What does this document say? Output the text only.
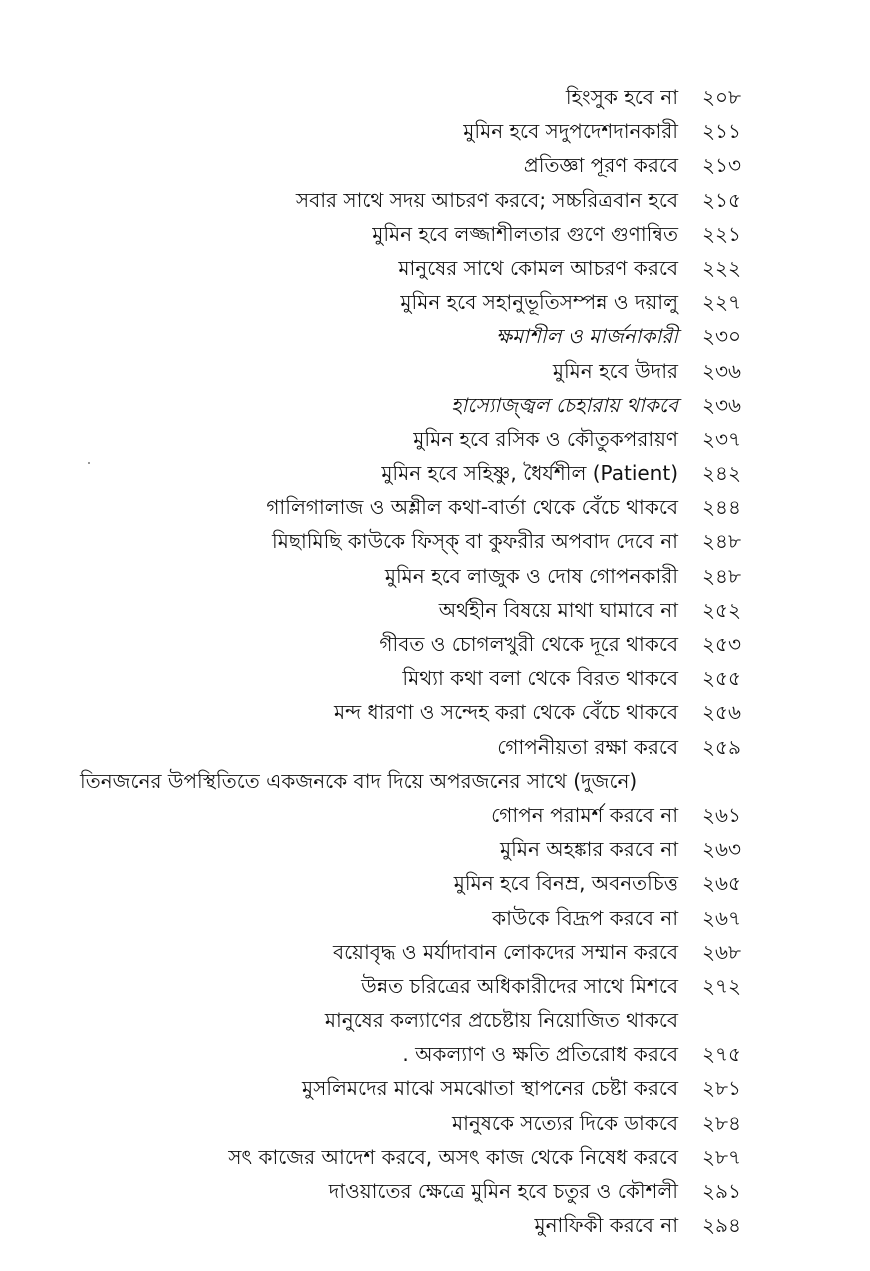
হিংসুক হবে না ২০৮
মুমিন হবে সদুপদেশদানকারী ২১১
প্রতিজ্ঞা পূরণ করবে ২১৩
সবার সাথে সদয় আচরণ করবে; সচ্চরিত্রবান হবে ২১৫
মুমিন হবে লজ্জাশীলতার গুণে গুণান্বিত ২২১
মানুষের সাথে কোমল আচরণ করবে ২২২
মুমিন হবে সহানুভূতিসম্পন্ন ও দয়ালু ২২৭
ক্ষমাশীল ও মার্জনাকারী ২৩০
মুমিন হবে উদার ২৩৬
হাস্যোজ্জ্বল চেহারায় থাকবে ২৩৬
মুমিন হবে রসিক ও কৌতুকপরায়ণ ২৩৭
মুমিন হবে সহিষ্ণু, ধৈর্যশীল (Patient) ২৪২
গালিগালাজ ও অশ্লীল কথা-বার্তা থেকে বেঁচে থাকবে ২৪৪
মিছামিছি কাউকে ফিস্ক্ বা কুফরীর অপবাদ দেবে না ২৪৮
মুমিন হবে লাজুক ও দোষ গোপনকারী ২৪৮
অর্থহীন বিষয়ে মাথা ঘামাবে না ২৫২
গীবত ও চোগলখুরী থেকে দূরে থাকবে ২৫৩
মিথ্যা কথা বলা থেকে বিরত থাকবে ২৫৫
মন্দ ধারণা ও সন্দেহ করা থেকে বেঁচে থাকবে ২৫৬
গোপনীয়তা রক্ষা করবে ২৫৯
তিনজনের উপস্থিতিতে একজনকে বাদ দিয়ে অপরজনের সাথে (দুজনে)
গোপন পরামর্শ করবে না ২৬১
মুমিন অহঙ্কার করবে না ২৬৩
মুমিন হবে বিনম্র, অবনতচিত্ত ২৬৫
কাউকে বিদ্রূপ করবে না ২৬৭
বয়োবৃদ্ধ ও মর্যাদাবান লোকদের সম্মান করবে ২৬৮
উন্নত চরিত্রের অধিকারীদের সাথে মিশবে ২৭২
মানুষের কল্যাণের প্রচেষ্টায় নিয়োজিত থাকবে
. অকল্যাণ ও ক্ষতি প্রতিরোধ করবে ২৭৫
মুসলিমদের মাঝে সমঝোতা স্থাপনের চেষ্টা করবে ২৮১
মানুষকে সত্যের দিকে ডাকবে ২৮৪
সৎ কাজের আদেশ করবে, অসৎ কাজ থেকে নিষেধ করবে ২৮৭
দাওয়াতের ক্ষেত্রে মুমিন হবে চতুর ও কৌশলী ২৯১
মুনাফিকী করবে না ২৯৪
